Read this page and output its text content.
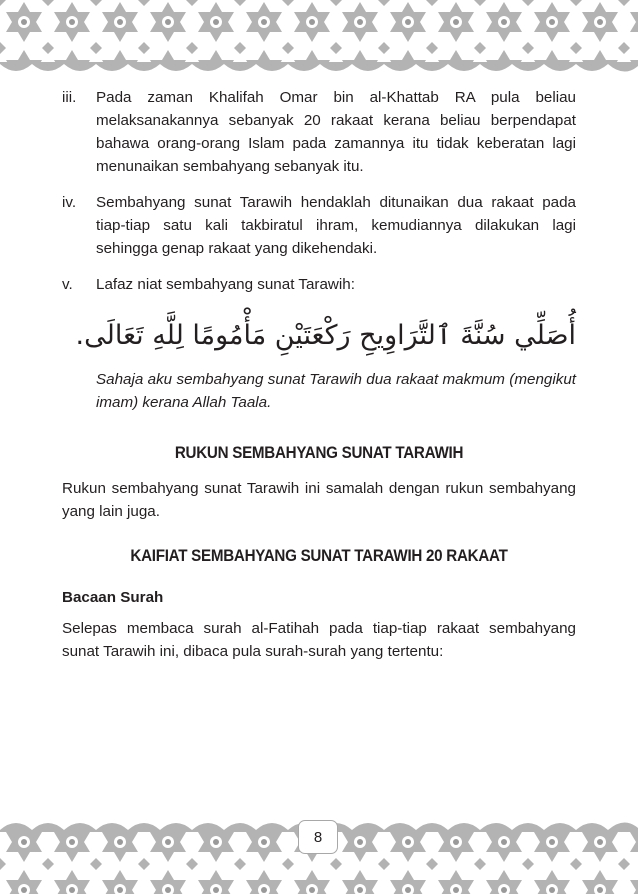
iii.	Pada zaman Khalifah Omar bin al-Khattab RA pula beliau melaksanakannya sebanyak 20 rakaat kerana beliau berpendapat bahawa orang-orang Islam pada zamannya itu tidak keberatan lagi menunaikan sembahyang sebanyak itu.
iv.	Sembahyang sunat Tarawih hendaklah ditunaikan dua rakaat pada tiap-tiap satu kali takbiratul ihram, kemudiannya dilakukan lagi sehingga genap rakaat yang dikehendaki.
v.	Lafaz niat sembahyang sunat Tarawih:
أُصَلِّي سُنَّةَ ٱلتَّرَاوِيحِ رَكْعَتَيْنِ مَأْمُومًا لِلَّهِ تَعَالَى.
Sahaja aku sembahyang sunat Tarawih dua rakaat makmum (mengikut imam) kerana Allah Taala.
RUKUN SEMBAHYANG SUNAT TARAWIH
Rukun sembahyang sunat Tarawih ini samalah dengan rukun sembahyang yang lain juga.
KAIFIAT SEMBAHYANG SUNAT TARAWIH 20 RAKAAT
Bacaan Surah
Selepas membaca surah al-Fatihah pada tiap-tiap rakaat sembahyang sunat Tarawih ini, dibaca pula surah-surah yang tertentu:
8
